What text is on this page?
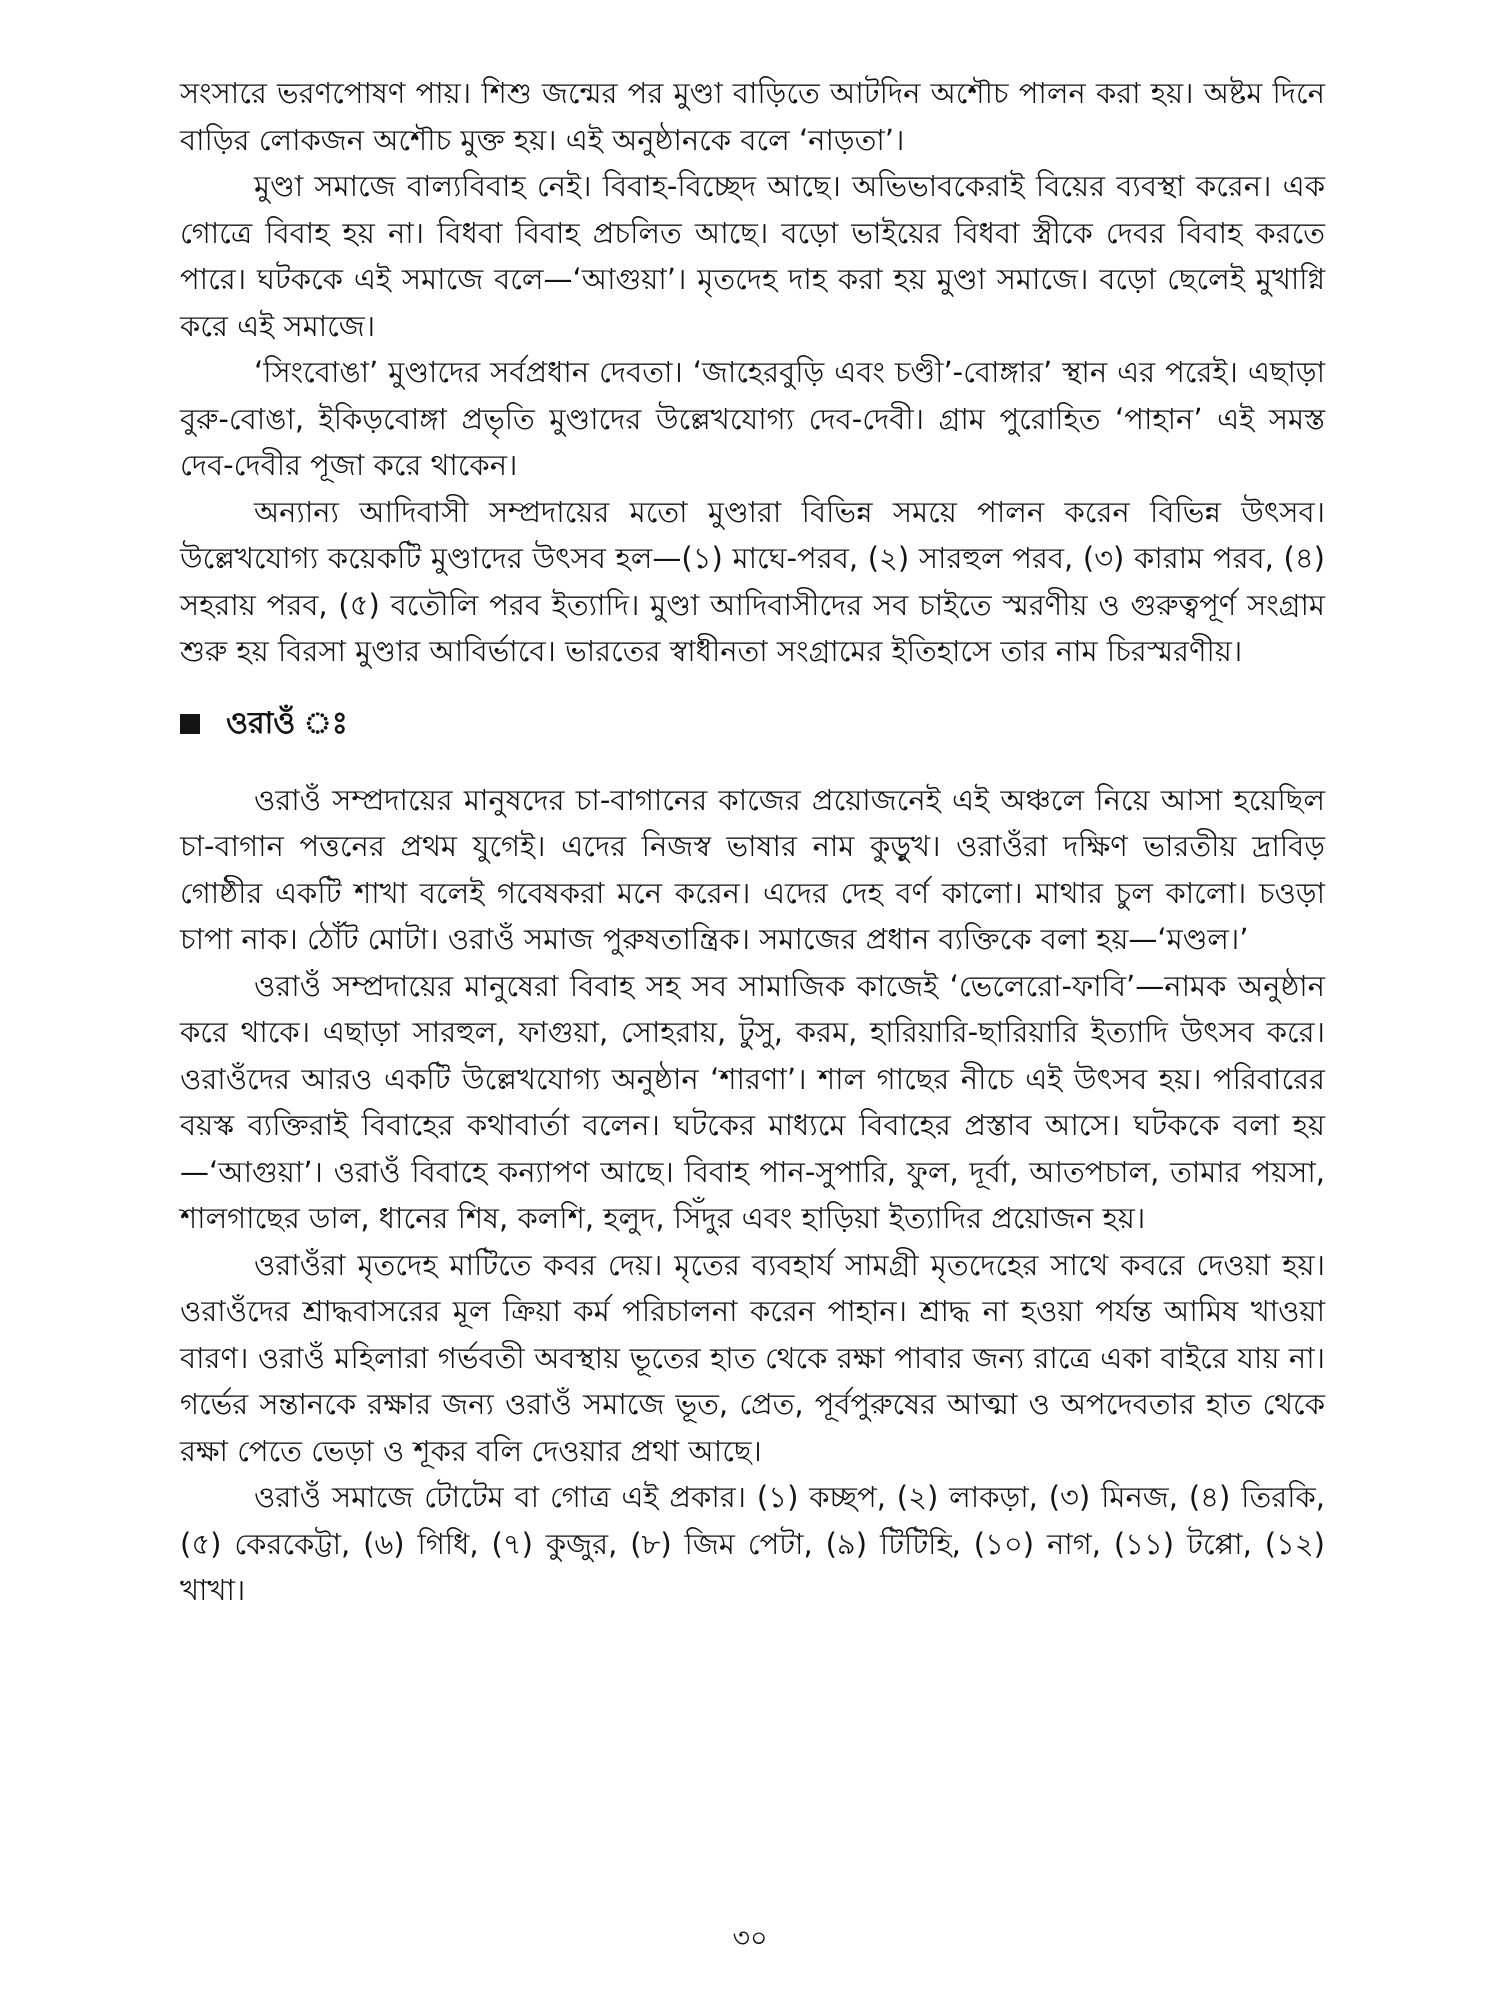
সংসারে ভরণপোষণ পায়। শিশু জন্মের পর মুণ্ডা বাড়িতে আটদিন অশৌচ পালন করা হয়। অষ্টম দিনে বাড়ির লোকজন অশৌচ মুক্ত হয়। এই অনুষ্ঠানকে বলে ‘নাড়তা’।

মুণ্ডা সমাজে বাল্যবিবাহ নেই। বিবাহ-বিচ্ছেদ আছে। অভিভাবকেরাই বিয়ের ব্যবস্থা করেন। এক গোত্রে বিবাহ হয় না। বিধবা বিবাহ প্রচলিত আছে। বড়ো ভাইয়ের বিধবা স্ত্রীকে দেবর বিবাহ করতে পারে। ঘটককে এই সমাজে বলে—‘আগুয়া’। মৃতদেহ দাহ করা হয় মুণ্ডা সমাজে। বড়ো ছেলেই মুখাগ্নি করে এই সমাজে।

‘সিংবোঙা’ মুণ্ডাদের সর্বপ্রধান দেবতা। ‘জাহেরবুড়ি এবং চণ্ডী’-বোঙ্গার’ স্থান এর পরেই। এছাড়া বুরু-বোঙা, ইকিড়বোঙ্গা প্রভৃতি মুণ্ডাদের উল্লেখযোগ্য দেব-দেবী। গ্রাম পুরোহিত ‘পাহান’ এই সমস্ত দেব-দেবীর পূজা করে থাকেন।

অন্যান্য আদিবাসী সম্প্রদায়ের মতো মুণ্ডারা বিভিন্ন সময়ে পালন করেন বিভিন্ন উৎসব। উল্লেখযোগ্য কয়েকটি মুণ্ডাদের উৎসব হল—(১) মাঘে-পরব, (২) সারহুল পরব, (৩) কারাম পরব, (৪) সহরায় পরব, (৫) বতৌলি পরব ইত্যাদি। মুণ্ডা আদিবাসীদের সব চাইতে স্মরণীয় ও গুরুত্বপূর্ণ সংগ্রাম শুরু হয় বিরসা মুণ্ডার আবির্ভাবে। ভারতের স্বাধীনতা সংগ্রামের ইতিহাসে তার নাম চিরস্মরণীয়।

ওরাওঁ ঃ

ওরাওঁ সম্প্রদায়ের মানুষদের চা-বাগানের কাজের প্রয়োজনেই এই অঞ্চলে নিয়ে আসা হয়েছিল চা-বাগান পত্তনের প্রথম যুগেই। এদের নিজস্ব ভাষার নাম কুড়ুখ। ওরাওঁরা দক্ষিণ ভারতীয় দ্রাবিড় গোষ্ঠীর একটি শাখা বলেই গবেষকরা মনে করেন। এদের দেহ বর্ণ কালো। মাথার চুল কালো। চওড়া চাপা নাক। ঠোঁট মোটা। ওরাওঁ সমাজ পুরুষতান্ত্রিক। সমাজের প্রধান ব্যক্তিকে বলা হয়—‘মণ্ডল।’

ওরাওঁ সম্প্রদায়ের মানুষেরা বিবাহ সহ সব সামাজিক কাজেই ‘ভেলেরো-ফাবি’—নামক অনুষ্ঠান করে থাকে। এছাড়া সারহুল, ফাগুয়া, সোহরায়, টুসু, করম, হারিয়ারি-ছারিয়ারি ইত্যাদি উৎসব করে। ওরাওঁদের আরও একটি উল্লেখযোগ্য অনুষ্ঠান ‘শারণা’। শাল গাছের নীচে এই উৎসব হয়। পরিবারের বয়স্ক ব্যক্তিরাই বিবাহের কথাবার্তা বলেন। ঘটকের মাধ্যমে বিবাহের প্রস্তাব আসে। ঘটককে বলা হয়—‘আগুয়া’। ওরাওঁ বিবাহে কন্যাপণ আছে। বিবাহ পান-সুপারি, ফুল, দূর্বা, আতপচাল, তামার পয়সা, শালগাছের ডাল, ধানের শিষ, কলশি, হলুদ, সিঁদুর এবং হাড়িয়া ইত্যাদির প্রয়োজন হয়।

ওরাওঁরা মৃতদেহ মাটিতে কবর দেয়। মৃতের ব্যবহার্য সামগ্রী মৃতদেহের সাথে কবরে দেওয়া হয়। ওরাওঁদের শ্রাদ্ধবাসরের মূল ক্রিয়া কর্ম পরিচালনা করেন পাহান। শ্রাদ্ধ না হওয়া পর্যন্ত আমিষ খাওয়া বারণ। ওরাওঁ মহিলারা গর্ভবতী অবস্থায় ভূতের হাত থেকে রক্ষা পাবার জন্য রাত্রে একা বাইরে যায় না। গর্ভের সন্তানকে রক্ষার জন্য ওরাওঁ সমাজে ভূত, প্রেত, পূর্বপুরুষের আত্মা ও অপদেবতার হাত থেকে রক্ষা পেতে ভেড়া ও শূকর বলি দেওয়ার প্রথা আছে।

ওরাওঁ সমাজে টোটেম বা গোত্র এই প্রকার। (১) কচ্ছপ, (২) লাকড়া, (৩) মিনজ, (৪) তিরকি, (৫) কেরকেট্টা, (৬) গিধি, (৭) কুজুর, (৮) জিম পেটা, (৯) টিটিহি, (১০) নাগ, (১১) টপ্পো, (১২) খাখা।

৩০
